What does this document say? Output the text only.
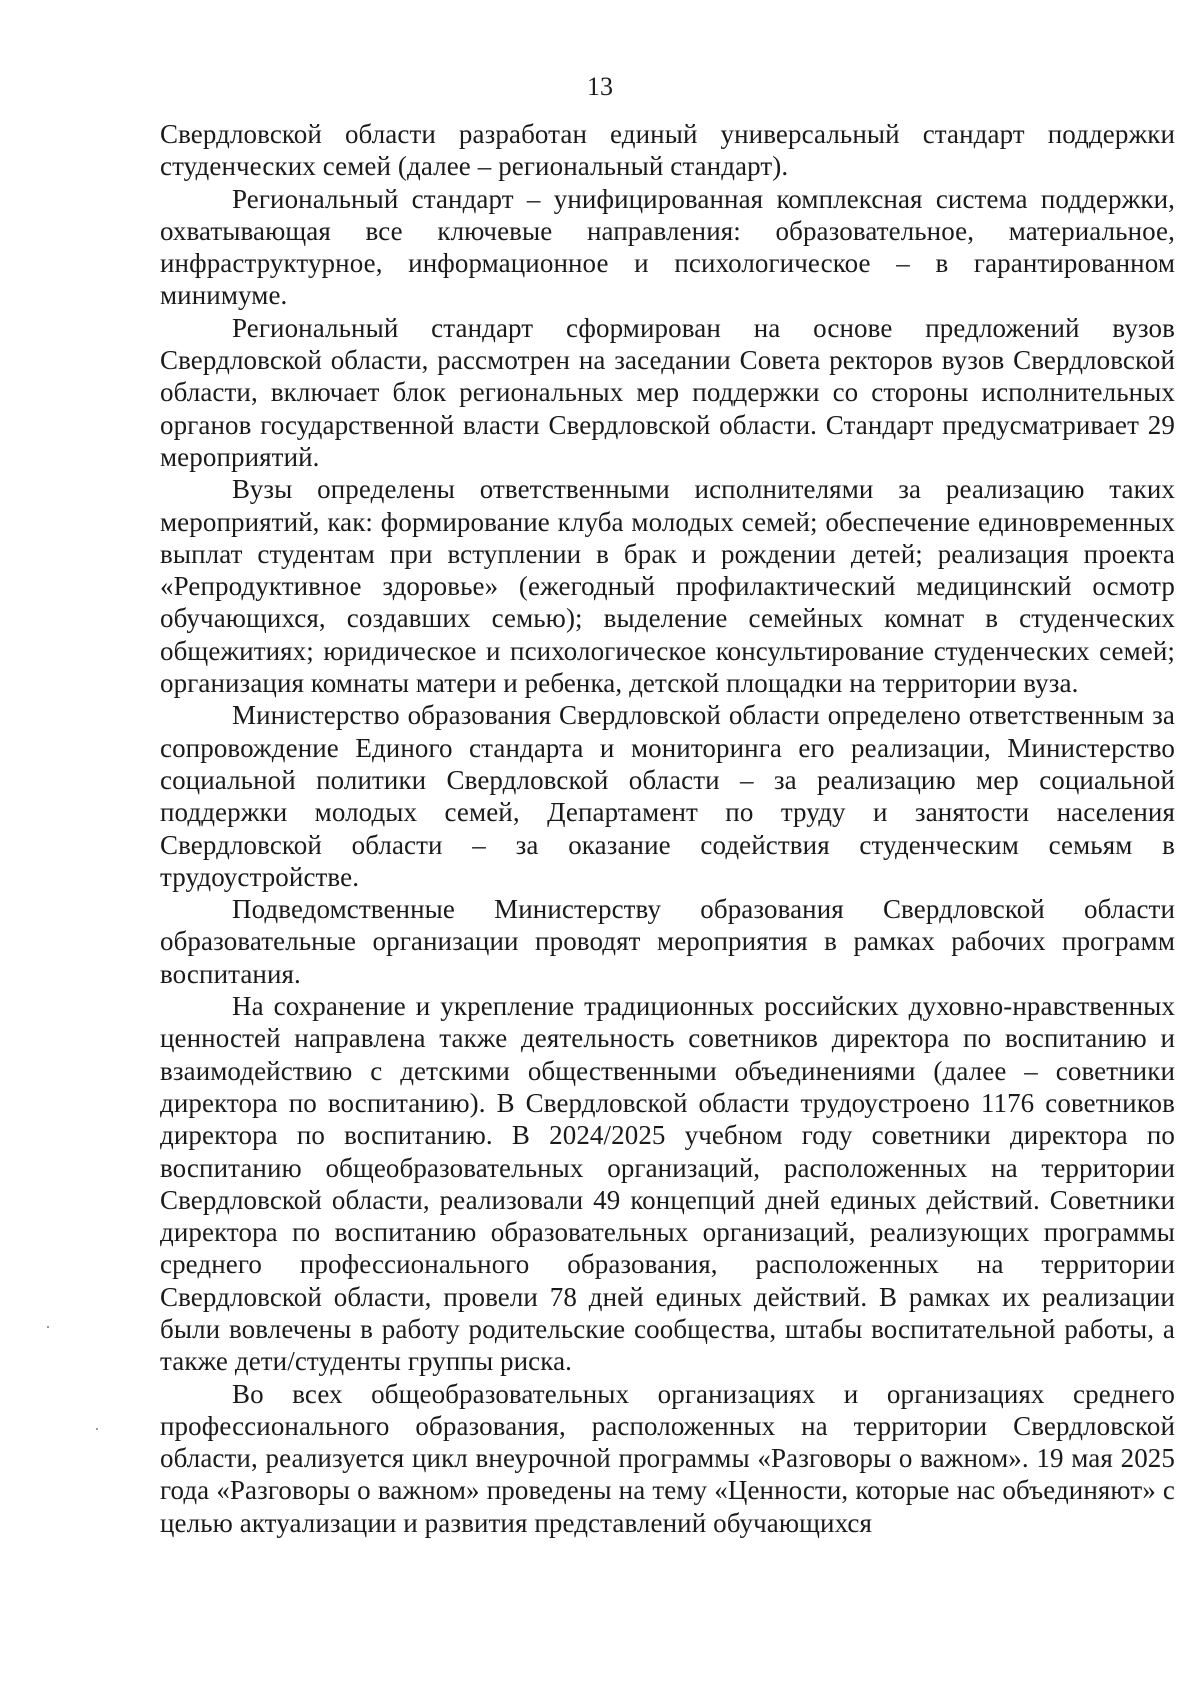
13

Свердловской области разработан единый универсальный стандарт поддержки студенческих семей (далее – региональный стандарт).

Региональный стандарт – унифицированная комплексная система поддержки, охватывающая все ключевые направления: образовательное, материальное, инфраструктурное, информационное и психологическое – в гарантированном минимуме.

Региональный стандарт сформирован на основе предложений вузов Свердловской области, рассмотрен на заседании Совета ректоров вузов Свердловской области, включает блок региональных мер поддержки со стороны исполнительных органов государственной власти Свердловской области. Стандарт предусматривает 29 мероприятий.

Вузы определены ответственными исполнителями за реализацию таких мероприятий, как: формирование клуба молодых семей; обеспечение единовременных выплат студентам при вступлении в брак и рождении детей; реализация проекта «Репродуктивное здоровье» (ежегодный профилактический медицинский осмотр обучающихся, создавших семью); выделение семейных комнат в студенческих общежитиях; юридическое и психологическое консультирование студенческих семей; организация комнаты матери и ребенка, детской площадки на территории вуза.

Министерство образования Свердловской области определено ответственным за сопровождение Единого стандарта и мониторинга его реализации, Министерство социальной политики Свердловской области – за реализацию мер социальной поддержки молодых семей, Департамент по труду и занятости населения Свердловской области – за оказание содействия студенческим семьям в трудоустройстве.

Подведомственные Министерству образования Свердловской области образовательные организации проводят мероприятия в рамках рабочих программ воспитания.

На сохранение и укрепление традиционных российских духовно-нравственных ценностей направлена также деятельность советников директора по воспитанию и взаимодействию с детскими общественными объединениями (далее – советники директора по воспитанию). В Свердловской области трудоустроено 1176 советников директора по воспитанию. В 2024/2025 учебном году советники директора по воспитанию общеобразовательных организаций, расположенных на территории Свердловской области, реализовали 49 концепций дней единых действий. Советники директора по воспитанию образовательных организаций, реализующих программы среднего профессионального образования, расположенных на территории Свердловской области, провели 78 дней единых действий. В рамках их реализации были вовлечены в работу родительские сообщества, штабы воспитательной работы, а также дети/студенты группы риска.

Во всех общеобразовательных организациях и организациях среднего профессионального образования, расположенных на территории Свердловской области, реализуется цикл внеурочной программы «Разговоры о важном». 19 мая 2025 года «Разговоры о важном» проведены на тему «Ценности, которые нас объединяют» с целью актуализации и развития представлений обучающихся
